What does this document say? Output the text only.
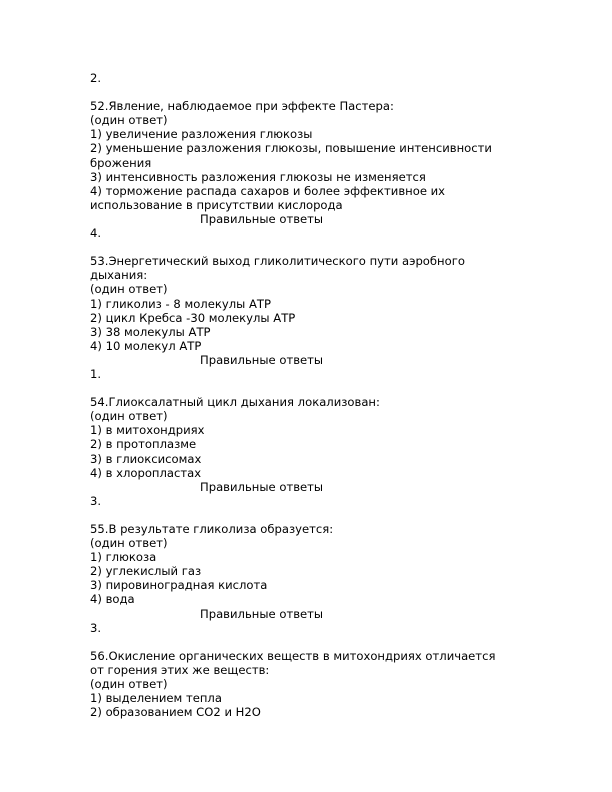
2.
52.Явление, наблюдаемое при эффекте Пастера:
(один ответ)
1) увеличение разложения глюкозы
2) уменьшение разложения глюкозы, повышение интенсивности
брожения
3) интенсивность разложения глюкозы не изменяется
4) торможение распада сахаров и более эффективное их
использование в присутствии кислорода
Правильные ответы
4.
53.Энергетический выход гликолитического пути аэробного
дыхания:
(один ответ)
1) гликолиз - 8 молекулы АТР
2) цикл Кребса -30 молекулы АТР
3) 38 молекулы АТР
4) 10 молекул АТР
Правильные ответы
1.
54.Глиоксалатный цикл дыхания локализован:
(один ответ)
1) в митохондриях
2) в протоплазме
3) в глиоксисомах
4) в хлоропластах
Правильные ответы
3.
55.В результате гликолиза образуется:
(один ответ)
1) глюкоза
2) углекислый газ
3) пировиноградная кислота
4) вода
Правильные ответы
3.
56.Окисление органических веществ в митохондриях отличается
от горения этих же веществ:
(один ответ)
1) выделением тепла
2) образованием СО2 и Н2О
